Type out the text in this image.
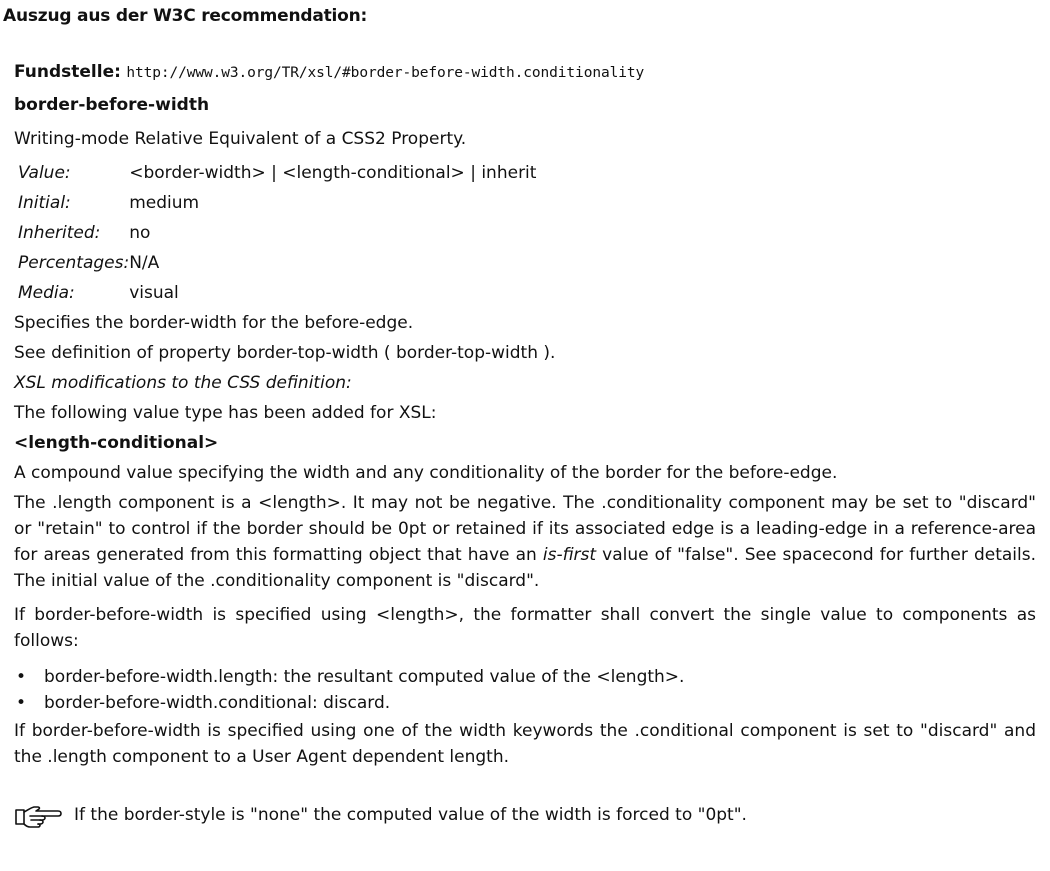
Auszug aus der W3C recommendation:
Fundstelle: http://www.w3.org/TR/xsl/#border-before-width.conditionality
border-before-width
Writing-mode Relative Equivalent of a CSS2 Property.
Value:	<border-width> | <length-conditional> | inherit
Initial:	medium
Inherited:	no
Percentages:	N/A
Media:	visual
Specifies the border-width for the before-edge.
See definition of property border-top-width ( border-top-width ).
XSL modifications to the CSS definition:
The following value type has been added for XSL:
<length-conditional>
A compound value specifying the width and any conditionality of the border for the before-edge.
The .length component is a <length>. It may not be negative. The .conditionality component may be set to "discard" or "retain" to control if the border should be 0pt or retained if its associated edge is a leading-edge in a reference-area for areas generated from this formatting object that have an is-first value of "false". See spacecond for further details. The initial value of the .conditionality component is "discard".
If border-before-width is specified using <length>, the formatter shall convert the single value to components as follows:
• border-before-width.length: the resultant computed value of the <length>.
• border-before-width.conditional: discard.
If border-before-width is specified using one of the width keywords the .conditional component is set to "discard" and the .length component to a User Agent dependent length.
If the border-style is "none" the computed value of the width is forced to "0pt".
